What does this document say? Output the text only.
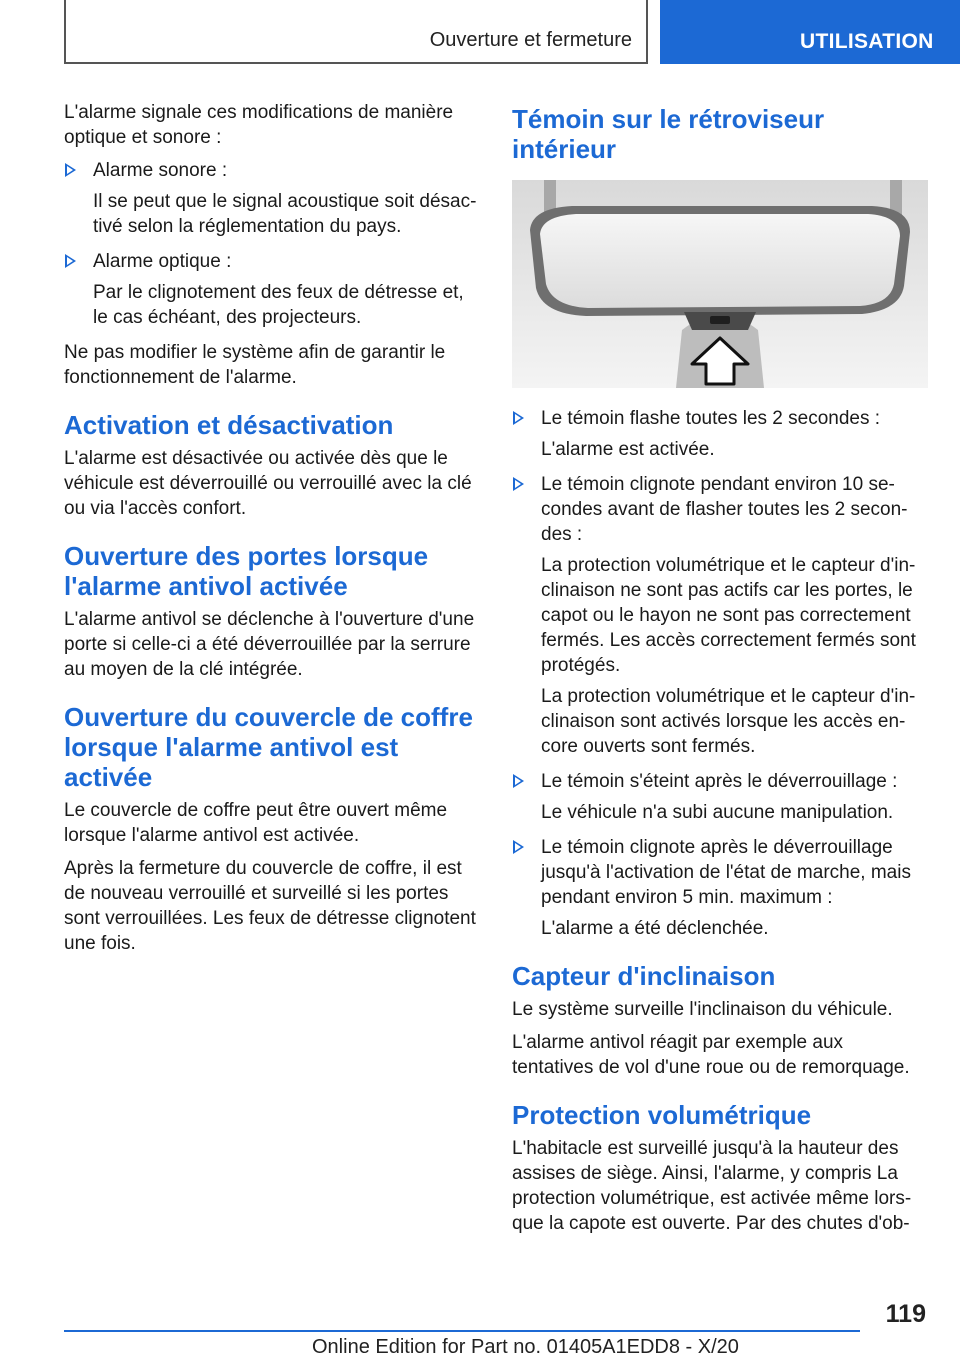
Ouverture et fermeture	UTILISATION

L'alarme signale ces modifications de manière optique et sonore :

Alarme sonore :

Il se peut que le signal acoustique soit désac-tivé selon la réglementation du pays.

Alarme optique :

Par le clignotement des feux de détresse et, le cas échéant, des projecteurs.

Ne pas modifier le système afin de garantir le fonctionnement de l'alarme.

Activation et désactivation

L'alarme est désactivée ou activée dès que le véhicule est déverrouillé ou verrouillé avec la clé ou via l'accès confort.

Ouverture des portes lorsque l'alarme antivol activée

L'alarme antivol se déclenche à l'ouverture d'une porte si celle-ci a été déverrouillée par la serrure au moyen de la clé intégrée.

Ouverture du couvercle de coffre lorsque l'alarme antivol est activée

Le couvercle de coffre peut être ouvert même lorsque l'alarme antivol est activée.

Après la fermeture du couvercle de coffre, il est de nouveau verrouillé et surveillé si les portes sont verrouillées. Les feux de détresse clignotent une fois.

Témoin sur le rétroviseur intérieur

Le témoin flashe toutes les 2 secondes :

L'alarme est activée.

Le témoin clignote pendant environ 10 se-condes avant de flasher toutes les 2 secon-des :

La protection volumétrique et le capteur d'in-clinaison ne sont pas actifs car les portes, le capot ou le hayon ne sont pas correctement fermés. Les accès correctement fermés sont protégés.

La protection volumétrique et le capteur d'in-clinaison sont activés lorsque les accès en-core ouverts sont fermés.

Le témoin s'éteint après le déverrouillage :

Le véhicule n'a subi aucune manipulation.

Le témoin clignote après le déverrouillage jusqu'à l'activation de l'état de marche, mais pendant environ 5 min. maximum :

L'alarme a été déclenchée.

Capteur d'inclinaison

Le système surveille l'inclinaison du véhicule.

L'alarme antivol réagit par exemple aux tentatives de vol d'une roue ou de remorquage.

Protection volumétrique

L'habitacle est surveillé jusqu'à la hauteur des assises de siège. Ainsi, l'alarme, y compris La protection volumétrique, est activée même lors-que la capote est ouverte. Par des chutes d'ob-

119
Online Edition for Part no. 01405A1EDD8 - X/20
